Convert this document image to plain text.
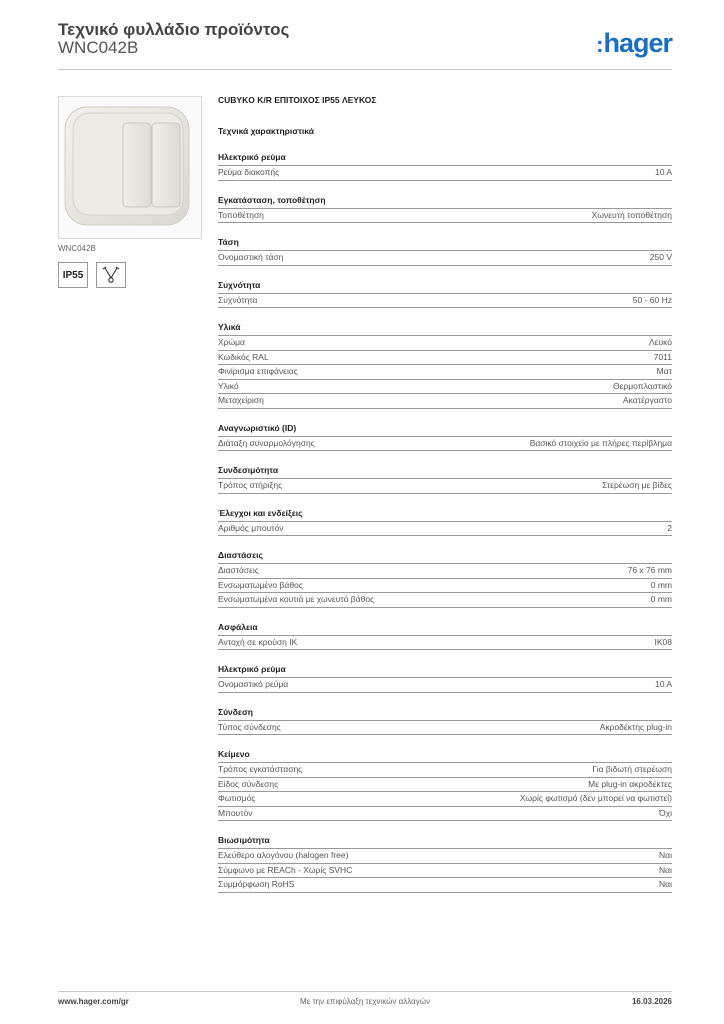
Τεχνικό φυλλάδιο προϊόντος
WNC042B	:hager
WNC042B
IP55
CUBYKO K/R ΕΠΙΤΟΙΧΟΣ IP55 ΛΕΥΚΟΣ
Τεχνικά χαρακτηριστικά
Ηλεκτρικό ρεύμα
Ρεύμα διακοπής	10 A
Εγκατάσταση, τοποθέτηση
Τοποθέτηση	Χωνευτή τοποθέτηση
Τάση
Ονομαστική τάση	250 V
Συχνότητα
Συχνότητα	50 - 60 Hz
Υλικά
Χρώμα	Λευκό
Κωδικός RAL	7011
Φινίρισμα επιφάνειας	Ματ
Υλικό	Θερμοπλαστικό
Μεταχείριση	Ακατέργαστο
Αναγνωριστικό (ID)
Διάταξη συναρμολόγησης	Βασικό στοιχείο με πλήρες περίβλημα
Συνδεσιμότητα
Τρόπος στήριξης	Στερέωση με βίδες
Έλεγχοι και ενδείξεις
Αριθμός μπουτόν	2
Διαστάσεις
Διαστάσεις	76 x 76 mm
Ενσωματωμένο βάθος	0 mm
Ενσωματωμένα κουτιά με χωνευτό βάθος	0 mm
Ασφάλεια
Αντοχή σε κρούση IK	IK08
Ηλεκτρικό ρεύμα
Ονομαστικό ρεύμα	10 A
Σύνδεση
Τύπος σύνδεσης	Ακροδέκτης plug-in
Κείμενο
Τρόπος εγκατάστασης	Για βιδωτή στερέωση
Είδος σύνδεσης	Με plug-in ακροδέκτες
Φωτισμός	Χωρίς φωτισμό (δεν μπορεί να φωτιστεί)
Μπουτόν	Όχι
Βιωσιμότητα
Ελεύθερο αλογόνου (halogen free)	Ναι
Σύμφωνο με REACh - Χωρίς SVHC	Ναι
Συμμόρφωση RoHS	Ναι
www.hager.com/gr	Με την επιφύλαξη τεχνικών αλλαγών	16.03.2026
